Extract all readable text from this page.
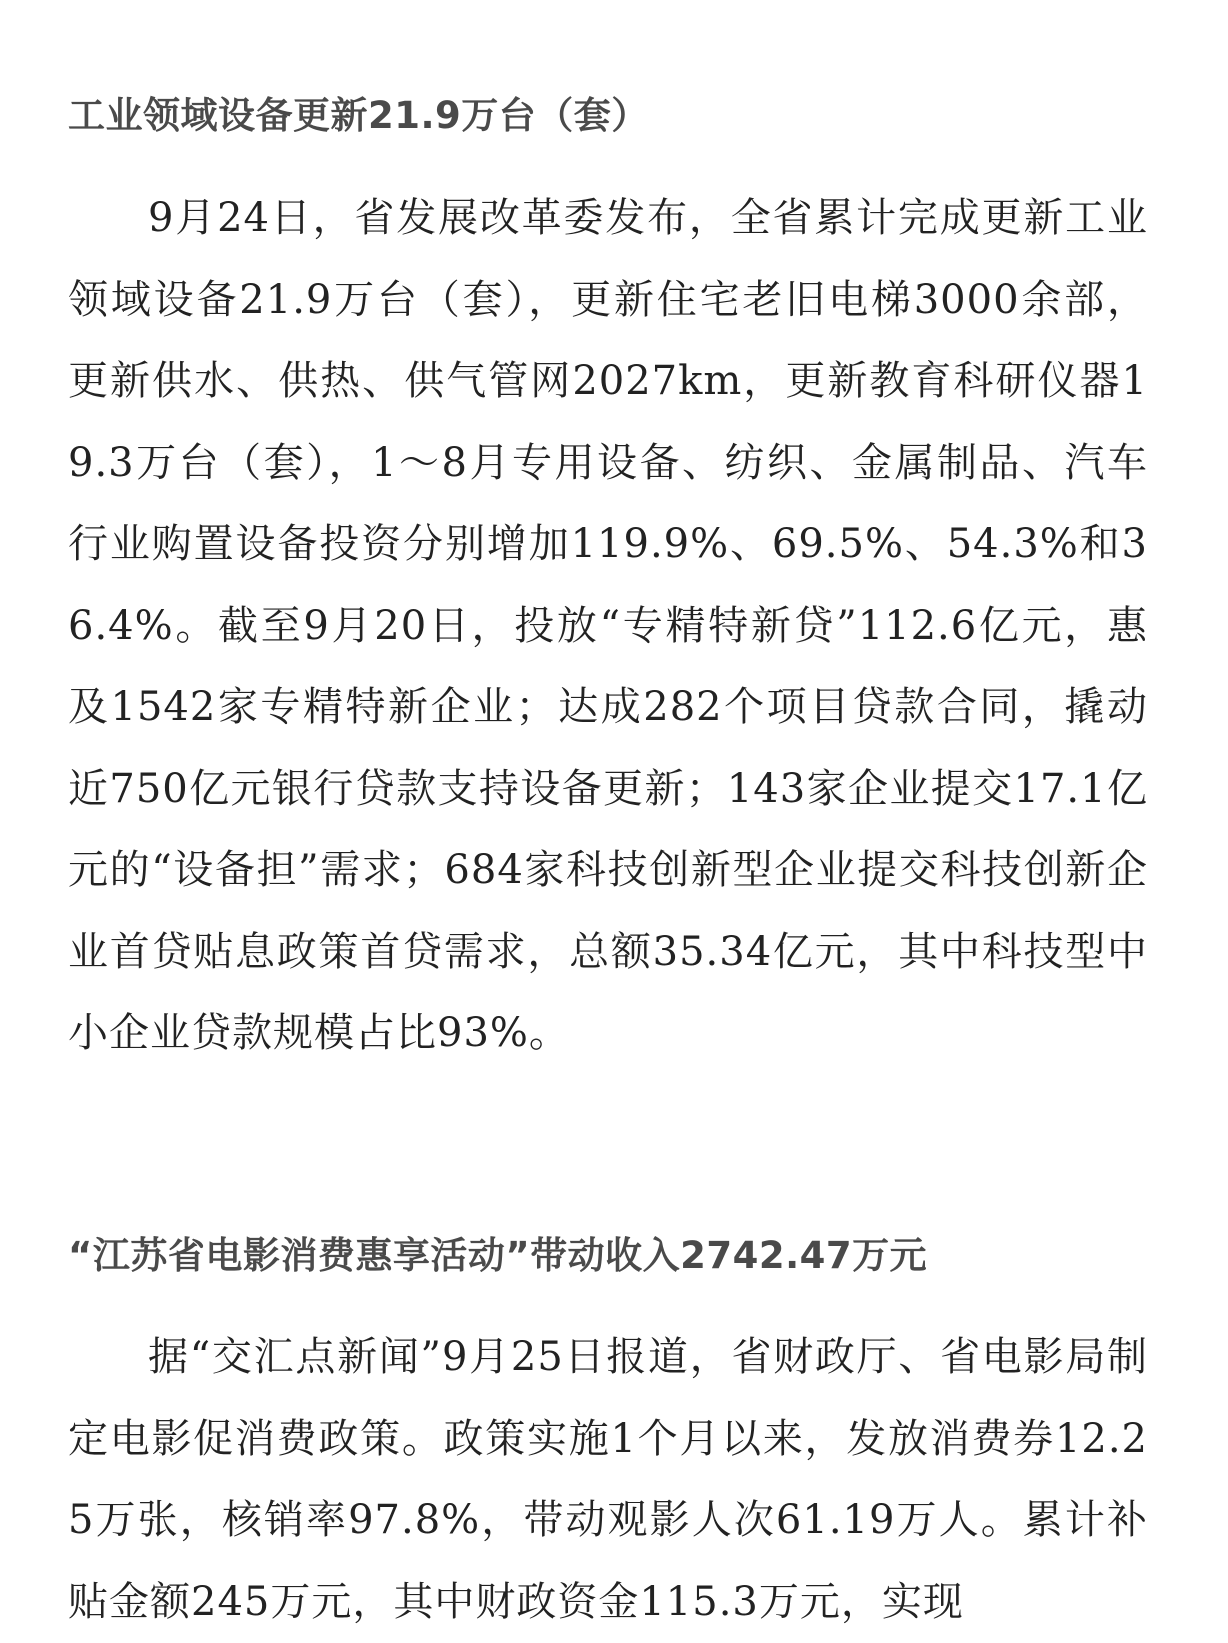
工业领域设备更新21.9万台（套）

9月24日，省发展改革委发布，全省累计完成更新工业领域设备21.9万台（套），更新住宅老旧电梯3000余部，更新供水、供热、供气管网2027km，更新教育科研仪器19.3万台（套），1～8月专用设备、纺织、金属制品、汽车行业购置设备投资分别增加119.9%、69.5%、54.3%和36.4%。截至9月20日，投放“专精特新贷”112.6亿元，惠及1542家专精特新企业；达成282个项目贷款合同，撬动近750亿元银行贷款支持设备更新；143家企业提交17.1亿元的“设备担”需求；684家科技创新型企业提交科技创新企业首贷贴息政策首贷需求，总额35.34亿元，其中科技型中小企业贷款规模占比93%。

“江苏省电影消费惠享活动”带动收入2742.47万元

据“交汇点新闻”9月25日报道，省财政厅、省电影局制定电影促消费政策。政策实施1个月以来，发放消费券12.25万张，核销率97.8%，带动观影人次61.19万人。累计补贴金额245万元，其中财政资金115.3万元，实现
